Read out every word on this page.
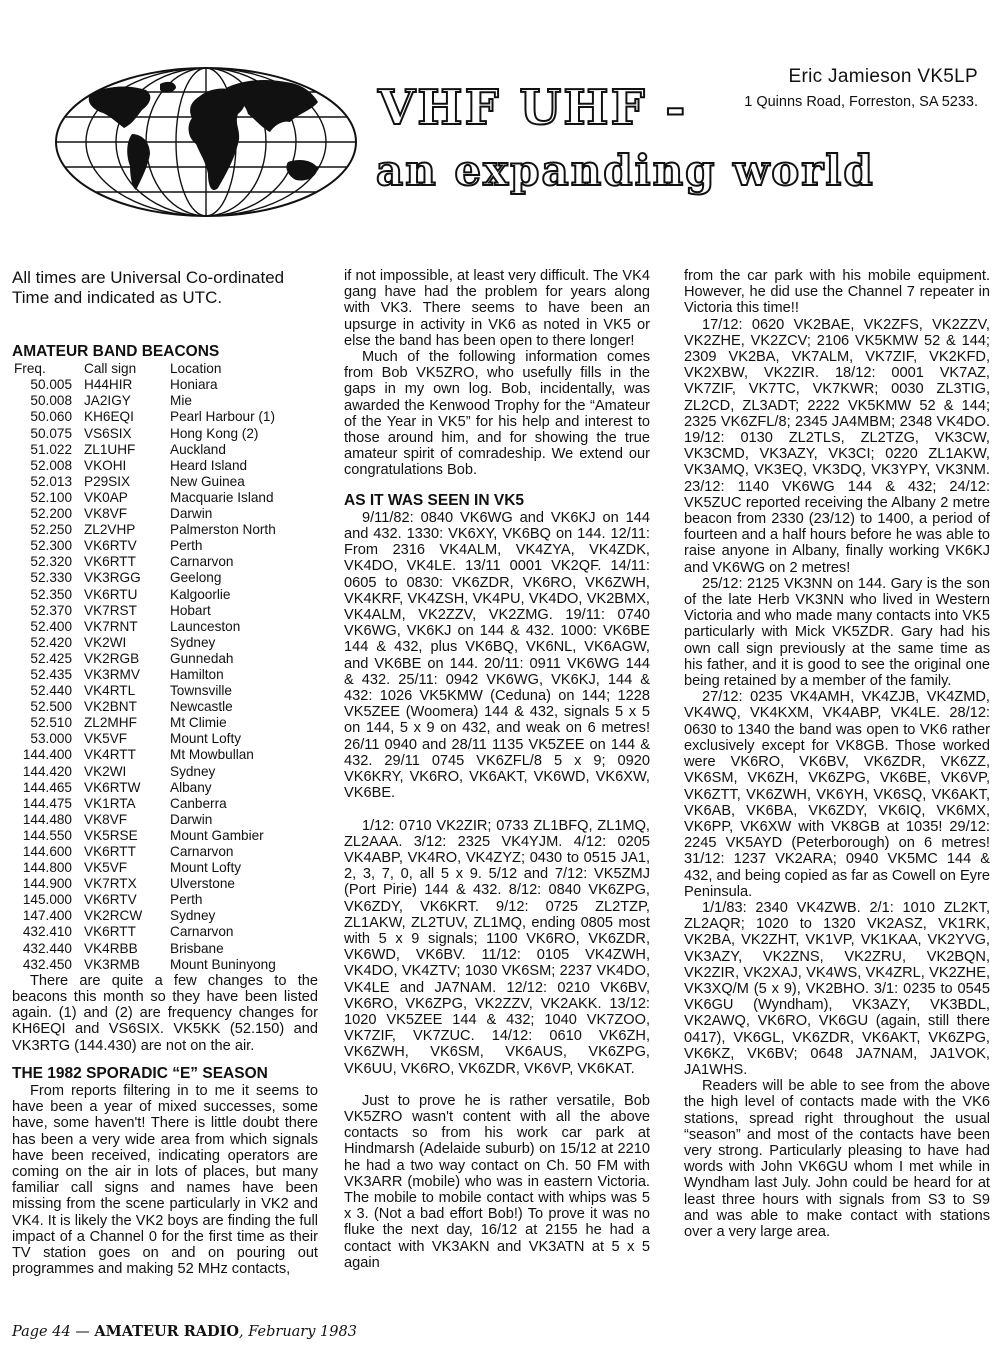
VHF UHF -
an expanding world
Eric Jamieson VK5LP
1 Quinns Road, Forreston, SA 5233.
All times are Universal Co-ordinated Time and indicated as UTC.
AMATEUR BAND BEACONS
Freq.	Call sign	Location
50.005	H44HIR	Honiara
50.008	JA2IGY	Mie
50.060	KH6EQI	Pearl Harbour (1)
50.075	VS6SIX	Hong Kong (2)
51.022	ZL1UHF	Auckland
52.008	VKOHI	Heard Island
52.013	P29SIX	New Guinea
52.100	VK0AP	Macquarie Island
52.200	VK8VF	Darwin
52.250	ZL2VHP	Palmerston North
52.300	VK6RTV	Perth
52.320	VK6RTT	Carnarvon
52.330	VK3RGG	Geelong
52.350	VK6RTU	Kalgoorlie
52.370	VK7RST	Hobart
52.400	VK7RNT	Launceston
52.420	VK2WI	Sydney
52.425	VK2RGB	Gunnedah
52.435	VK3RMV	Hamilton
52.440	VK4RTL	Townsville
52.500	VK2BNT	Newcastle
52.510	ZL2MHF	Mt Climie
53.000	VK5VF	Mount Lofty
144.400	VK4RTT	Mt Mowbullan
144.420	VK2WI	Sydney
144.465	VK6RTW	Albany
144.475	VK1RTA	Canberra
144.480	VK8VF	Darwin
144.550	VK5RSE	Mount Gambier
144.600	VK6RTT	Carnarvon
144.800	VK5VF	Mount Lofty
144.900	VK7RTX	Ulverstone
145.000	VK6RTV	Perth
147.400	VK2RCW	Sydney
432.410	VK6RTT	Carnarvon
432.440	VK4RBB	Brisbane
432.450	VK3RMB	Mount Buninyong

There are quite a few changes to the beacons this month so they have been listed again. (1) and (2) are frequency changes for KH6EQI and VS6SIX. VK5KK (52.150) and VK3RTG (144.430) are not on the air.

THE 1982 SPORADIC “E” SEASON

From reports filtering in to me it seems to have been a year of mixed successes, some have, some haven't! There is little doubt there has been a very wide area from which signals have been received, indicating operators are coming on the air in lots of places, but many familiar call signs and names have been missing from the scene particularly in VK2 and VK4. It is likely the VK2 boys are finding the full impact of a Channel 0 for the first time as their TV station goes on and on pouring out programmes and making 52 MHz contacts,

if not impossible, at least very difficult. The VK4 gang have had the problem for years along with VK3. There seems to have been an upsurge in activity in VK6 as noted in VK5 or else the band has been open to there longer!

Much of the following information comes from Bob VK5ZRO, who usefully fills in the gaps in my own log. Bob, incidentally, was awarded the Kenwood Trophy for the “Amateur of the Year in VK5” for his help and interest to those around him, and for showing the true amateur spirit of comradeship. We extend our congratulations Bob.

AS IT WAS SEEN IN VK5

9/11/82: 0840 VK6WG and VK6KJ on 144 and 432. 1330: VK6XY, VK6BQ on 144. 12/11: From 2316 VK4ALM, VK4ZYA, VK4ZDK, VK4DO, VK4LE. 13/11 0001 VK2QF. 14/11: 0605 to 0830: VK6ZDR, VK6RO, VK6ZWH, VK4KRF, VK4ZSH, VK4PU, VK4DO, VK2BMX, VK4ALM, VK2ZZV, VK2ZMG. 19/11: 0740 VK6WG, VK6KJ on 144 & 432. 1000: VK6BE 144 & 432, plus VK6BQ, VK6NL, VK6AGW, and VK6BE on 144. 20/11: 0911 VK6WG 144 & 432. 25/11: 0942 VK6WG, VK6KJ, 144 & 432: 1026 VK5KMW (Ceduna) on 144; 1228 VK5ZEE (Woomera) 144 & 432, signals 5 x 5 on 144, 5 x 9 on 432, and weak on 6 metres! 26/11 0940 and 28/11 1135 VK5ZEE on 144 & 432. 29/11 0745 VK6ZFL/8 5 x 9; 0920 VK6KRY, VK6RO, VK6AKT, VK6WD, VK6XW, VK6BE.

1/12: 0710 VK2ZIR; 0733 ZL1BFQ, ZL1MQ, ZL2AAA. 3/12: 2325 VK4YJM. 4/12: 0205 VK4ABP, VK4RO, VK4ZYZ; 0430 to 0515 JA1, 2, 3, 7, 0, all 5 x 9. 5/12 and 7/12: VK5ZMJ (Port Pirie) 144 & 432. 8/12: 0840 VK6ZPG, VK6ZDY, VK6KRT. 9/12: 0725 ZL2TZP, ZL1AKW, ZL2TUV, ZL1MQ, ending 0805 most with 5 x 9 signals; 1100 VK6RO, VK6ZDR, VK6WD, VK6BV. 11/12: 0105 VK4ZWH, VK4DO, VK4ZTV; 1030 VK6SM; 2237 VK4DO, VK4LE and JA7NAM. 12/12: 0210 VK6BV, VK6RO, VK6ZPG, VK2ZZV, VK2AKK. 13/12: 1020 VK5ZEE 144 & 432; 1040 VK7ZOO, VK7ZIF, VK7ZUC. 14/12: 0610 VK6ZH, VK6ZWH, VK6SM, VK6AUS, VK6ZPG, VK6UU, VK6RO, VK6ZDR, VK6VP, VK6KAT.

Just to prove he is rather versatile, Bob VK5ZRO wasn't content with all the above contacts so from his work car park at Hindmarsh (Adelaide suburb) on 15/12 at 2210 he had a two way contact on Ch. 50 FM with VK3ARR (mobile) who was in eastern Victoria. The mobile to mobile contact with whips was 5 x 3. (Not a bad effort Bob!) To prove it was no fluke the next day, 16/12 at 2155 he had a contact with VK3AKN and VK3ATN at 5 x 5 again

from the car park with his mobile equipment. However, he did use the Channel 7 repeater in Victoria this time!!

17/12: 0620 VK2BAE, VK2ZFS, VK2ZZV, VK2ZHE, VK2ZCV; 2106 VK5KMW 52 & 144; 2309 VK2BA, VK7ALM, VK7ZIF, VK2KFD, VK2XBW, VK2ZIR. 18/12: 0001 VK7AZ, VK7ZIF, VK7TC, VK7KWR; 0030 ZL3TIG, ZL2CD, ZL3ADT; 2222 VK5KMW 52 & 144; 2325 VK6ZFL/8; 2345 JA4MBM; 2348 VK4DO. 19/12: 0130 ZL2TLS, ZL2TZG, VK3CW, VK3CMD, VK3AZY, VK3CI; 0220 ZL1AKW, VK3AMQ, VK3EQ, VK3DQ, VK3YPY, VK3NM. 23/12: 1140 VK6WG 144 & 432; 24/12: VK5ZUC reported receiving the Albany 2 metre beacon from 2330 (23/12) to 1400, a period of fourteen and a half hours before he was able to raise anyone in Albany, finally working VK6KJ and VK6WG on 2 metres!

25/12: 2125 VK3NN on 144. Gary is the son of the late Herb VK3NN who lived in Western Victoria and who made many contacts into VK5 particularly with Mick VK5ZDR. Gary had his own call sign previously at the same time as his father, and it is good to see the original one being retained by a member of the family.

27/12: 0235 VK4AMH, VK4ZJB, VK4ZMD, VK4WQ, VK4KXM, VK4ABP, VK4LE. 28/12: 0630 to 1340 the band was open to VK6 rather exclusively except for VK8GB. Those worked were VK6RO, VK6BV, VK6ZDR, VK6ZZ, VK6SM, VK6ZH, VK6ZPG, VK6BE, VK6VP, VK6ZTT, VK6ZWH, VK6YH, VK6SQ, VK6AKT, VK6AB, VK6BA, VK6ZDY, VK6IQ, VK6MX, VK6PP, VK6XW with VK8GB at 1035! 29/12: 2245 VK5AYD (Peterborough) on 6 metres! 31/12: 1237 VK2ARA; 0940 VK5MC 144 & 432, and being copied as far as Cowell on Eyre Peninsula.

1/1/83: 2340 VK4ZWB. 2/1: 1010 ZL2KT, ZL2AQR; 1020 to 1320 VK2ASZ, VK1RK, VK2BA, VK2ZHT, VK1VP, VK1KAA, VK2YVG, VK3AZY, VK2ZNS, VK2ZRU, VK2BQN, VK2ZIR, VK2XAJ, VK4WS, VK4ZRL, VK2ZHE, VK3XQ/M (5 x 9), VK2BHO. 3/1: 0235 to 0545 VK6GU (Wyndham), VK3AZY, VK3BDL, VK2AWQ, VK6RO, VK6GU (again, still there 0417), VK6GL, VK6ZDR, VK6AKT, VK6ZPG, VK6KZ, VK6BV; 0648 JA7NAM, JA1VOK, JA1WHS.

Readers will be able to see from the above the high level of contacts made with the VK6 stations, spread right throughout the usual “season” and most of the contacts have been very strong. Particularly pleasing to have had words with John VK6GU whom I met while in Wyndham last July. John could be heard for at least three hours with signals from S3 to S9 and was able to make contact with stations over a very large area.

Page 44 — AMATEUR RADIO, February 1983
